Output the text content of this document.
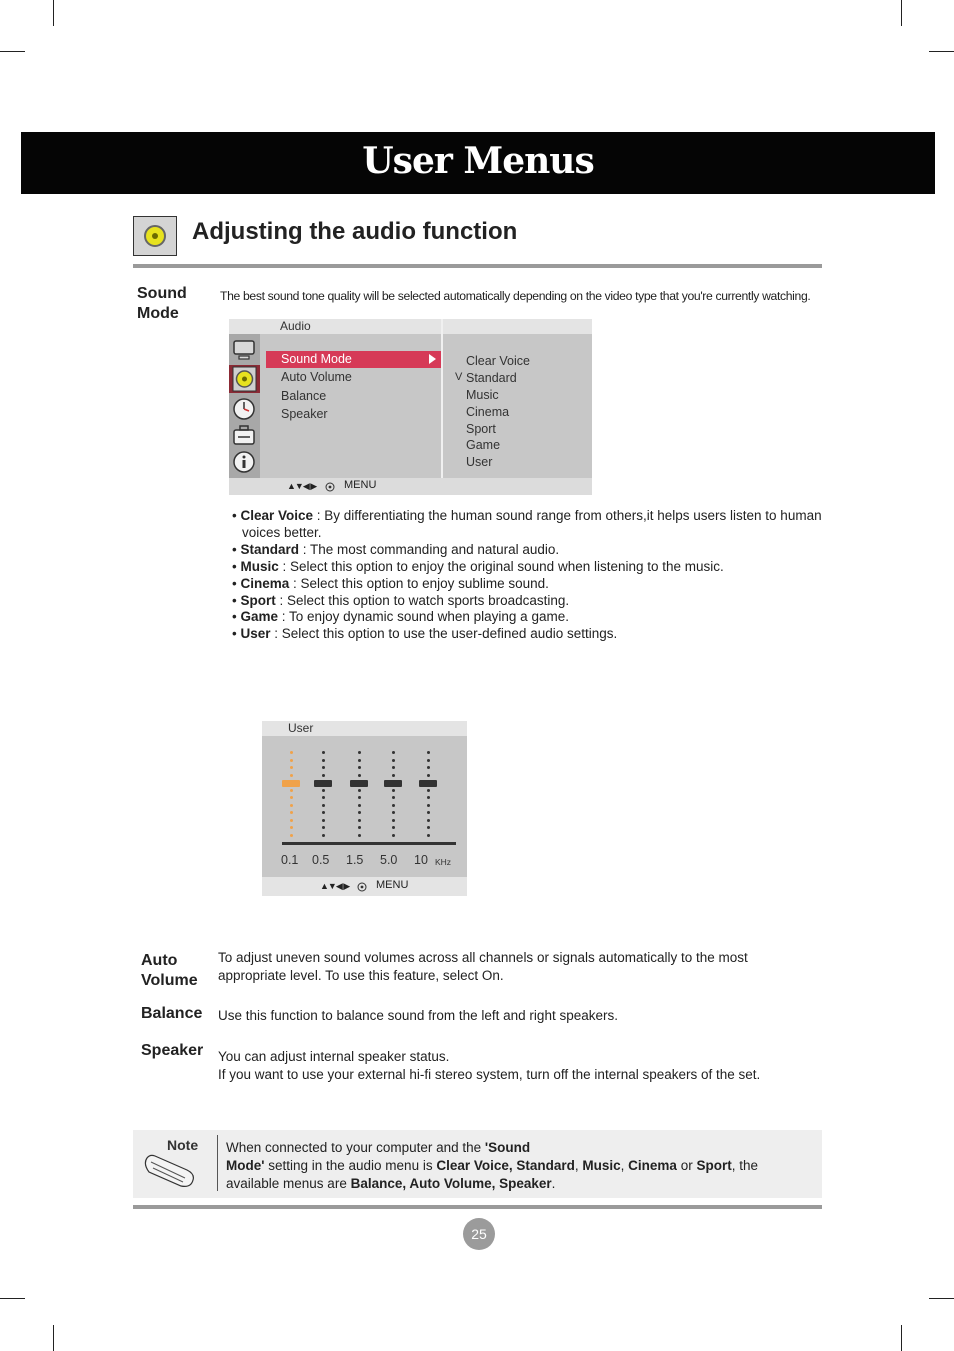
User Menus
Adjusting the audio function
Sound
Mode
The best sound tone quality will be selected automatically depending on the video type that you're currently watching.
Audio
Sound Mode
Auto Volume
Balance
Speaker
V
Clear Voice
Standard
Music
Cinema
Sport
Game
User
▲▼◀ ▶	MENU
• Clear Voice : By differentiating the human sound range from others,it helps users listen to human
voices better.
• Standard : The most commanding and natural audio.
• Music : Select this option to enjoy the original sound when listening to the music.
• Cinema : Select this option to enjoy sublime sound.
• Sport : Select this option to watch sports broadcasting.
• Game : To enjoy dynamic sound when playing a game.
• User : Select this option to use the user-defined audio settings.
User
0.1 0.5 1.5 5.0 10 KHz
▲▼◀ ▶ MENU
Auto
Volume
To adjust uneven sound volumes across all channels or signals automatically to the most
appropriate level. To use this feature, select On.
Balance Use this function to balance sound from the left and right speakers.
Speaker You can adjust internal speaker status.
If you want to use your external hi-fi stereo system, turn off the internal speakers of the set.
Note When connected to your computer and the 'Sound
Mode' setting in the audio menu is Clear Voice, Standard, Music, Cinema or Sport, the
available menus are Balance, Auto Volume, Speaker.
25
